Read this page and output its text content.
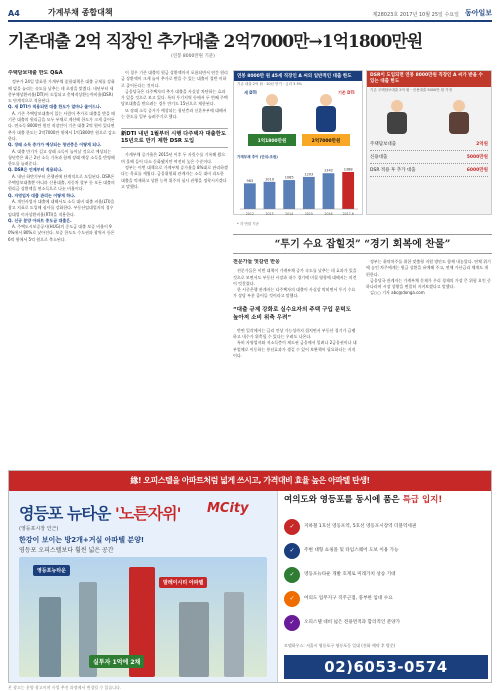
A4	가계부채 종합대책	제28023호 2017년 10월 25일 수요일 동아일보
기존대출 2억 직장인 추가대출 2억7000만→1억1800만원
(연봉 8000만원 기준)
주택담보대출 한도 Q&A

정부가 24일 발표한 가계부채 종합대책은 대출 규제를 강화해 빚을 늘리는 속도를 낮추는 데 초점을 맞췄다. 내년부터 새 총부채상환비율(DTI)이 도입되고 총체적상환능력비율(DSR)도 단계적으로 적용된다.

Q. 새 DTI가 적용되면 대출 한도가 얼마나 줄어드나.

A. 기존 주택담보대출이 있는 사람이 추가로 대출을 받을 때 기존 대출의 원리금을 모두 부채로 계산해 한도가 크게 줄어든다. 연소득 8000만 원인 직장인이 기존 대출 2억 원이 있다면 추가 대출 한도는 2억7000만 원에서 1억1800만 원으로 감소한다.

Q. 장래 소득 증가가 예상되는 청년층은 어떻게 되나.

A. 대출 만기가 길고 장래 소득이 늘어날 것으로 예상되는 청년층은 최근 2년 소득 기록과 함께 장래 예상 소득을 반영해 한도를 늘려준다.

Q. DSR은 언제부터 적용되나.

A. 내년 하반기부터 은행권에 단계적으로 도입된다. DSR은 주택담보대출뿐 아니라 신용대출, 자동차 할부 등 모든 대출의 원리금 상환액을 연소득으로 나눈 비율이다.

Q. 자영업자 대출 관리는 어떻게 하나.

A. 개인사업자 대출에 대해서도 소득 대비 대출 비율(LTI)을 참고 지표로 도입해 심사를 강화한다. 부동산임대업자의 경우 임대업 이자상환비율(RTI)을 적용한다.

Q. 신규 분양 아파트 중도금 대출은.

A. 주택도시보증공사(HUG)의 중도금 대출 보증 비율이 90%에서 80%로 낮아진다. 보증 한도도 수도권과 광역시 등은 6억 원에서 5억 원으로 축소된다.

이 경우 기존 대출의 원금 상환액까지 포함되면서 연간 원리금 상환액이 크게 늘어 추가로 받을 수 있는 대출이 절반 이하로 줄어든다는 것이다.

금융당국은 다주택자의 추가 대출을 사실상 차단하는 효과가 있을 것으로 보고 있다. 특히 투기지역 등에서 두 번째 주택담보대출을 받으려는 경우 만기도 15년으로 제한된다.

또 장래 소득 증가가 예상되는 청년층과 신혼부부에 대해서는 한도를 일부 늘려주기로 했다.

新DTI 내년 1월부터 시행 다주택자 대출한도 15년으로 만기 제한 DSR 도입

가계부채 증가율은 2015년 이후 두 자릿수를 기록해 왔으며 올해 들어 다소 둔화됐지만 여전히 높은 수준이다.

정부는 이번 대책으로 가계부채 증가율을 8%대로 관리하겠다는 목표를 세웠다. 금융위원회 관계자는 소득 대비 과도한 대출을 억제하고 상환 능력 위주의 심사 관행을 정착시키겠다고 말했다.

연봉 8000만 원 45세 직장인 A 씨의 일반적인 대출 한도
기존 대출 2억 원 · 20년 만기 · 금리 3.5%
새 DTI	기존 DTI
1억1800만원	2억7000만원
가계부채 추이 (단위:조원)
963
2012
1019
2013
1085
2014
1203
2015
1342
2016
1388
2017.6
* 각 연말 기준
DSR이 도입되면 연봉 8000만원 직장인 A 씨가 받을 수 있는 대출 한도
기존 주택담보대출 2억 원 · 신용대출 5000만 원 가정
주택담보대출	2억원
신용대출	5000만원
DSR 적용 후 추가 대출	6000만원
“투기 수요 잡힐것” “경기 회복에 찬물”
전문가들 엇갈린 반응

전문가들은 이번 대책이 가계부채 증가 속도를 낮추는 데 효과가 있을 것으로 보면서도 부동산 시장과 내수 경기에 미칠 영향에 대해서는 의견이 엇갈렸다.

한 시중은행 관계자는 다주택자의 대출이 사실상 막히면서 투기 수요가 상당 부분 줄어들 것이라고 말했다.

“대출 규제 강화로 실수요자의 주택 구입 문턱도 높아져 소비 위축 우려”

반면 일각에서는 금리 인상 가능성까지 겹치면서 부동산 경기가 급랭하고 내수가 위축될 수 있다는 우려도 나온다.

특히 자영업자와 저소득층이 제도권 금융에서 밀려나 2금융권이나 대부업체로 이동하는 풍선효과가 생길 수 있어 보완책이 필요하다는 지적이다.

정부는 취약차주를 위한 맞춤형 지원 방안도 함께 내놓았다. 연체 위기에 놓인 차주에게는 원금 상환을 유예해 주고, 연체 가산금리 체계도 개편한다.

금융당국 관계자는 가계부채 문제가 우리 경제의 가장 큰 위험 요인 중 하나라며 시장 상황을 면밀히 지켜보겠다고 말했다.

김○○ 기자 abc@donga.com

緣! 오피스텔을 아파트처럼 넓게 쓰시고, 가격대비 효율 높은 아파텔 탄생!
영등포 뉴타운 '노른자위' MCity
(영등포시장 인근)
한강이 보이는 방2개+거실 아파텔 분양!
영등포 오피스텔보다 훨씬 넓은 공간
영등포뉴타운
말레이시티 아파텔
실투자 1억에 2채
여의도와 영등포를 동시에 품은 특급 입지!
✓	지하철 1호선 영등포역, 5호선 영등포시장역 더블역세권
✓	주변 대형 쇼핑몰 및 타임스퀘어 도보 이용 가능
✓	영등포뉴타운 개발 호재로 미래가치 상승 기대
✓	여의도 업무지구 직주근접, 풍부한 임대 수요
✓	오피스텔 대비 넓은 전용면적과 합리적인 분양가
모델하우스: 서울시 영등포구 영등포동 일대 (전화 예약 후 방문)
02)6053-0574
본 광고는 분양 광고이며 사업 추진 과정에서 변경될 수 있습니다.
